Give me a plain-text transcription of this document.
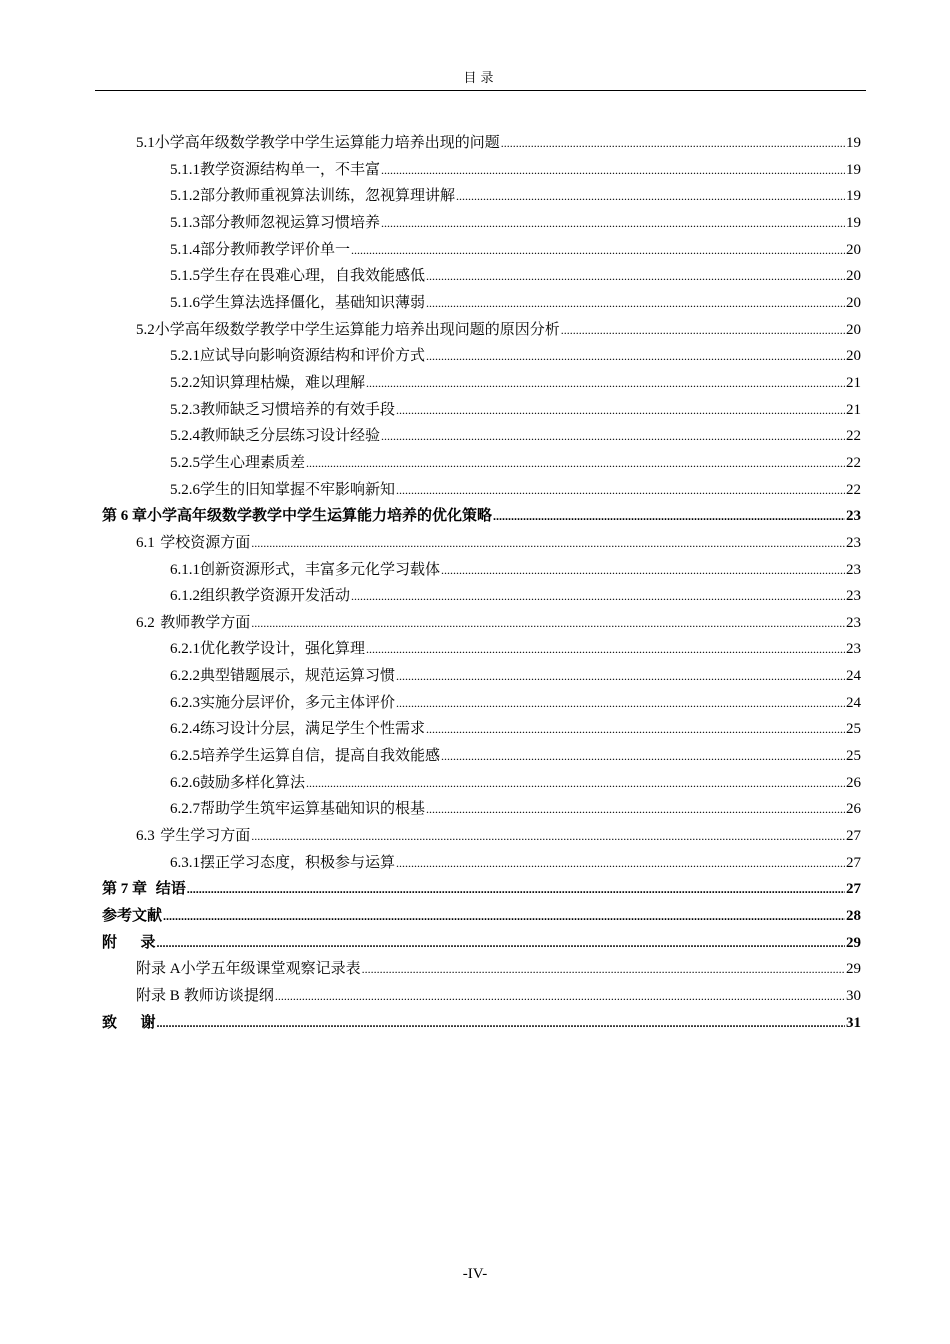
目录
5.1 小学高年级数学教学中学生运算能力培养出现的问题 .....	19
5.1.1 教学资源结构单一，不丰富 .....	19
5.1.2 部分教师重视算法训练，忽视算理讲解 .....	19
5.1.3 部分教师忽视运算习惯培养 .....	19
5.1.4 部分教师教学评价单一 .....	20
5.1.5 学生存在畏难心理，自我效能感低 .....	20
5.1.6 学生算法选择僵化，基础知识薄弱 .....	20
5.2 小学高年级数学教学中学生运算能力培养出现问题的原因分析 .....	20
5.2.1 应试导向影响资源结构和评价方式 .....	20
5.2.2 知识算理枯燥，难以理解 .....	21
5.2.3 教师缺乏习惯培养的有效手段 .....	21
5.2.4 教师缺乏分层练习设计经验 .....	22
5.2.5 学生心理素质差 .....	22
5.2.6 学生的旧知掌握不牢影响新知 .....	22
第 6 章 小学高年级数学教学中学生运算能力培养的优化策略 .....	23
6.1 学校资源方面 .....	23
6.1.1 创新资源形式，丰富多元化学习载体 .....	23
6.1.2 组织教学资源开发活动 .....	23
6.2 教师教学方面 .....	23
6.2.1 优化教学设计，强化算理 .....	23
6.2.2 典型错题展示，规范运算习惯 .....	24
6.2.3 实施分层评价，多元主体评价 .....	24
6.2.4 练习设计分层，满足学生个性需求 .....	25
6.2.5 培养学生运算自信，提高自我效能感 .....	25
6.2.6 鼓励多样化算法 .....	26
6.2.7 帮助学生筑牢运算基础知识的根基 .....	26
6.3 学生学习方面 .....	27
6.3.1 摆正学习态度，积极参与运算 .....	27
第 7 章 结语 .....	27
参考文献 .....	28
附	录 .....	29
附录 A 小学五年级课堂观察记录表 .....	29
附录 B 教师访谈提纲 .....	30
致	谢 .....	31
-IV-
